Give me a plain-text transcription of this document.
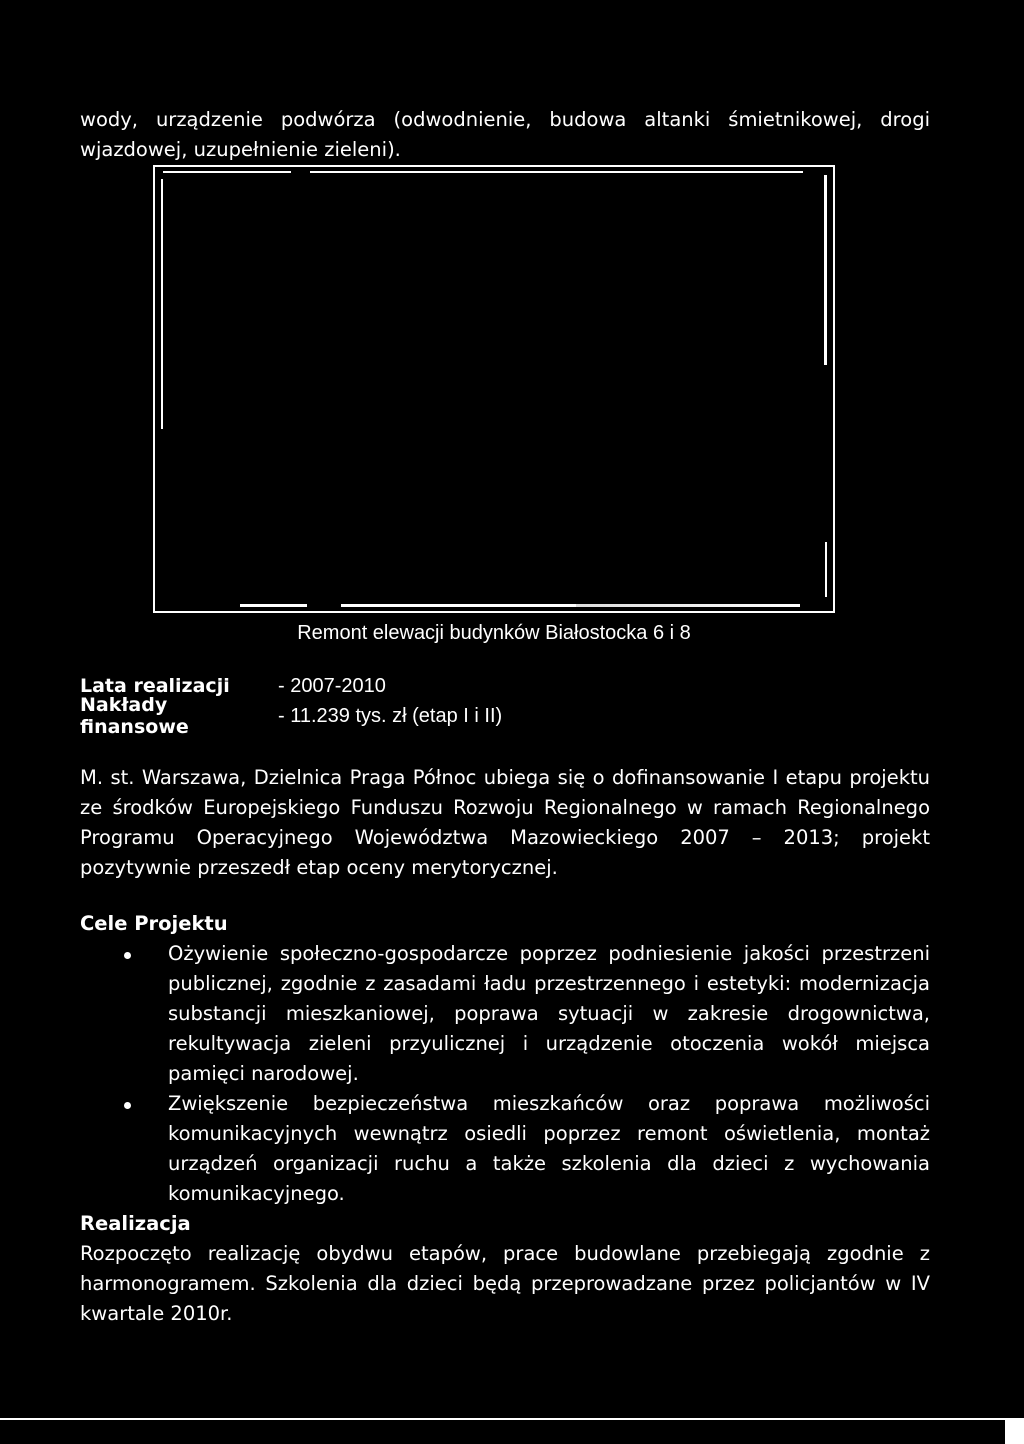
wody, urządzenie podwórza (odwodnienie, budowa altanki śmietnikowej, drogi wjazdowej, uzupełnienie zieleni).

Remont elewacji budynków Białostocka 6 i 8

Lata realizacji	- 2007-2010
Nakłady finansowe
- 11.239 tys. zł (etap I i II)

M. st. Warszawa, Dzielnica Praga Północ ubiega się o dofinansowanie I etapu projektu ze środków Europejskiego Funduszu Rozwoju Regionalnego w ramach Regionalnego Programu Operacyjnego Województwa Mazowieckiego 2007 – 2013; projekt pozytywnie przeszedł etap oceny merytorycznej.

Cele Projektu
Ożywienie społeczno-gospodarcze poprzez podniesienie jakości przestrzeni publicznej, zgodnie z zasadami ładu przestrzennego i estetyki: modernizacja substancji mieszkaniowej, poprawa sytuacji w zakresie drogownictwa, rekultywacja zieleni przyulicznej i urządzenie otoczenia wokół miejsca pamięci narodowej.
Zwiększenie bezpieczeństwa mieszkańców oraz poprawa możliwości komunikacyjnych wewnątrz osiedli poprzez remont oświetlenia, montaż urządzeń organizacji ruchu a także szkolenia dla dzieci z wychowania komunikacyjnego.
Realizacja

Rozpoczęto realizację obydwu etapów, prace budowlane przebiegają zgodnie z harmonogramem. Szkolenia dla dzieci będą przeprowadzane przez policjantów w IV kwartale 2010r.
